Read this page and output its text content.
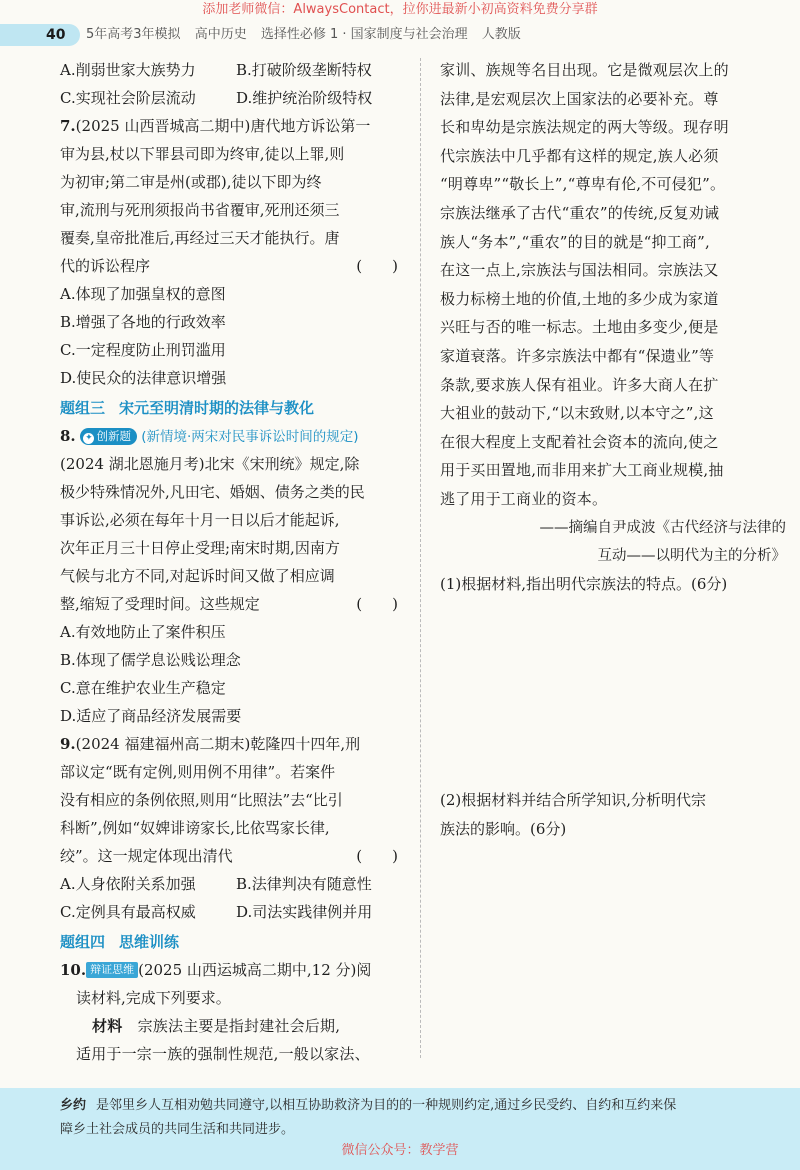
添加老师微信：AlwaysContact，拉你进最新小初高资料免费分享群
40 5年高考3年模拟 高中历史 选择性必修 1 · 国家制度与社会治理 人教版
A.削弱世家大族势力	B.打破阶级垄断特权
C.实现社会阶层流动	D.维护统治阶级特权
7.(2025 山西晋城高二期中)唐代地方诉讼第一
审为县,杖以下罪县司即为终审,徒以上罪,则
为初审;第二审是州(或郡),徒以下即为终
审,流刑与死刑须报尚书省覆审,死刑还须三
覆奏,皇帝批准后,再经过三天才能执行。唐
代的诉讼程序	(　　)
A.体现了加强皇权的意图
B.增强了各地的行政效率
C.一定程度防止刑罚滥用
D.使民众的法律意识增强
题组三 宋元至明清时期的法律与教化
8. ✦ 创新题 (新情境·两宋对民事诉讼时间的规定)
(2024 湖北恩施月考)北宋《宋刑统》规定,除
极少特殊情况外,凡田宅、婚姻、债务之类的民
事诉讼,必须在每年十月一日以后才能起诉,
次年正月三十日停止受理;南宋时期,因南方
气候与北方不同,对起诉时间又做了相应调
整,缩短了受理时间。这些规定	(　　)
A.有效地防止了案件积压
B.体现了儒学息讼贱讼理念
C.意在维护农业生产稳定
D.适应了商品经济发展需要
9.(2024 福建福州高二期末)乾隆四十四年,刑
部议定“既有定例,则用例不用律”。若案件
没有相应的条例依照,则用“比照法”去“比引
科断”,例如“奴婢诽谤家长,比依骂家长律,
绞”。这一规定体现出清代	(　　)
A.人身依附关系加强	B.法律判决有随意性
C.定例具有最高权威	D.司法实践律例并用
题组四 思维训练
10. 辩证思维 (2025 山西运城高二期中,12 分)阅
读材料,完成下列要求。
材料　 宗族法主要是指封建社会后期,
适用于一宗一族的强制性规范,一般以家法、
家训、族规等名目出现。它是微观层次上的
法律,是宏观层次上国家法的必要补充。尊
长和卑幼是宗族法规定的两大等级。现存明
代宗族法中几乎都有这样的规定,族人必须
“明尊卑”“敬长上”,“尊卑有伦,不可侵犯”。
宗族法继承了古代“重农”的传统,反复劝诫
族人“务本”,“重农”的目的就是“抑工商”,
在这一点上,宗族法与国法相同。宗族法又
极力标榜土地的价值,土地的多少成为家道
兴旺与否的唯一标志。土地由多变少,便是
家道衰落。许多宗族法中都有“保遗业”等
条款,要求族人保有祖业。许多大商人在扩
大祖业的鼓动下,“以末致财,以本守之”,这
在很大程度上支配着社会资本的流向,使之
用于买田置地,而非用来扩大工商业规模,抽
逃了用于工商业的资本。
——摘编自尹成波《古代经济与法律的
互动——以明代为主的分析》
(1)根据材料,指出明代宗族法的特点。(6分)
(2)根据材料并结合所学知识,分析明代宗
族法的影响。(6分)
乡约 是邻里乡人互相劝勉共同遵守,以相互协助救济为目的的一种规则约定,通过乡民受约、自约和互约来保
障乡土社会成员的共同生活和共同进步。
微信公众号：教学营
